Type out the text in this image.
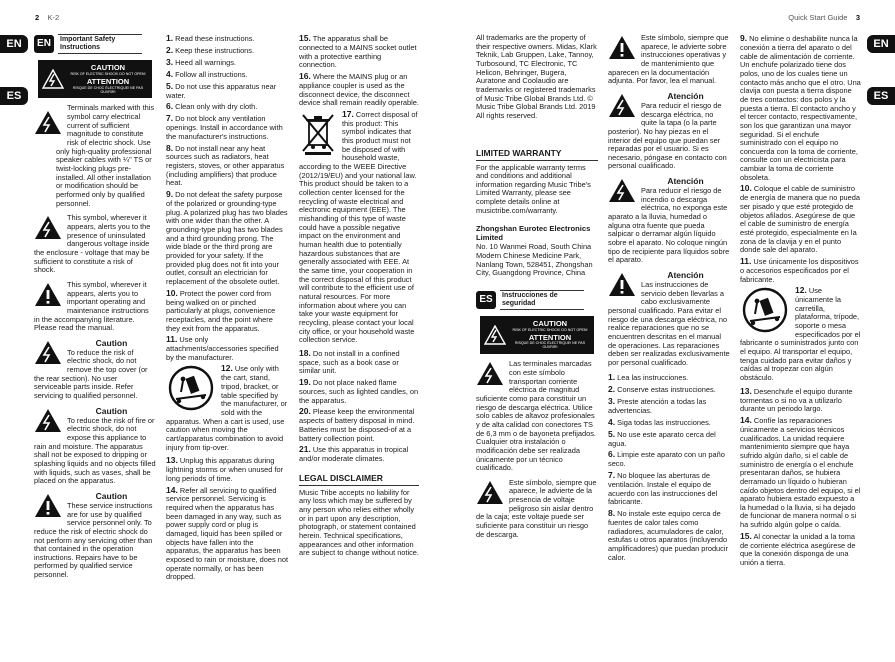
2 K-2	Quick Start Guide 3
EN
ES
EN
ES
EN	Important Safety Instructions
CAUTION
RISK OF ELECTRIC SHOCK! DO NOT OPEN!
ATTENTION
RISQUE DE CHOC ÉLECTRIQUE! NE PAS OUVRIR!

Terminals marked with this symbol carry electrical current of sufficient magnitude to constitute risk of electric shock. Use only high-quality professional speaker cables with ¼" TS or twist-locking plugs pre-installed. All other installation or modification should be performed only by qualified personnel.

This symbol, wherever it appears, alerts you to the presence of uninsulated dangerous voltage inside the enclosure - voltage that may be sufficient to constitute a risk of shock.

This symbol, wherever it appears, alerts you to important operating and maintenance instructions in the accompanying literature. Please read the manual.

Caution

To reduce the risk of electric shock, do not remove the top cover (or the rear section). No user serviceable parts inside. Refer servicing to qualified personnel.

Caution

To reduce the risk of fire or electric shock, do not expose this appliance to rain and moisture. The apparatus shall not be exposed to dripping or splashing liquids and no objects filled with liquids, such as vases, shall be placed on the apparatus.

Caution

These service instructions are for use by qualified service personnel only. To reduce the risk of electric shock do not perform any servicing other than that contained in the operation instructions. Repairs have to be performed by qualified service personnel.

1. Read these instructions.

2. Keep these instructions.

3. Heed all warnings.

4. Follow all instructions.

5. Do not use this apparatus near water.

6. Clean only with dry cloth.

7. Do not block any ventilation openings. Install in accordance with the manufacturer's instructions.

8. Do not install near any heat sources such as radiators, heat registers, stoves, or other apparatus (including amplifiers) that produce heat.

9. Do not defeat the safety purpose of the polarized or grounding-type plug. A polarized plug has two blades with one wider than the other. A grounding-type plug has two blades and a third grounding prong. The wide blade or the third prong are provided for your safety. If the provided plug does not fit into your outlet, consult an electrician for replacement of the obsolete outlet.

10. Protect the power cord from being walked on or pinched particularly at plugs, convenience receptacles, and the point where they exit from the apparatus.

11. Use only attachments/accessories specified by the manufacturer.

12. Use only with the cart, stand, tripod, bracket, or table specified by the manufacturer, or sold with the apparatus. When a cart is used, use caution when moving the cart/apparatus combination to avoid injury from tip-over.

13. Unplug this apparatus during lightning storms or when unused for long periods of time.

14. Refer all servicing to qualified service personnel. Servicing is required when the apparatus has been damaged in any way, such as power supply cord or plug is damaged, liquid has been spilled or objects have fallen into the apparatus, the apparatus has been exposed to rain or moisture, does not operate normally, or has been dropped.

15. The apparatus shall be connected to a MAINS socket outlet with a protective earthing connection.

16. Where the MAINS plug or an appliance coupler is used as the disconnect device, the disconnect device shall remain readily operable.

17. Correct disposal of this product: This symbol indicates that this product must not be disposed of with household waste, according to the WEEE Directive (2012/19/EU) and your national law. This product should be taken to a collection center licensed for the recycling of waste electrical and electronic equipment (EEE). The mishandling of this type of waste could have a possible negative impact on the environment and human health due to potentially hazardous substances that are generally associated with EEE. At the same time, your cooperation in the correct disposal of this product will contribute to the efficient use of natural resources. For more information about where you can take your waste equipment for recycling, please contact your local city office, or your household waste collection service.

18. Do not install in a confined space, such as a book case or similar unit.

19. Do not place naked flame sources, such as lighted candles, on the apparatus.

20. Please keep the environmental aspects of battery disposal in mind. Batteries must be disposed-of at a battery collection point.

21. Use this apparatus in tropical and/or moderate climates.

LEGAL DISCLAIMER

Music Tribe accepts no liability for any loss which may be suffered by any person who relies either wholly or in part upon any description, photograph, or statement contained herein. Technical specifications, appearances and other information are subject to change without notice.

All trademarks are the property of their respective owners. Midas, Klark Teknik, Lab Gruppen, Lake, Tannoy, Turbosound, TC Electronic, TC Helicon, Behringer, Bugera, Auratone and Coolaudio are trademarks or registered trademarks of Music Tribe Global Brands Ltd. © Music Tribe Global Brands Ltd. 2019 All rights reserved.

LIMITED WARRANTY

For the applicable warranty terms and conditions and additional information regarding Music Tribe's Limited Warranty, please see complete details online at musictribe.com/warranty.

Zhongshan Eurotec Electronics Limited

No. 10 Wanmei Road, South China Modern Chinese Medicine Park, Nanlang Town, 528451, Zhongshan City, Guangdong Province, China

ES	Instrucciones de seguridad
CAUTION
RISK OF ELECTRIC SHOCK! DO NOT OPEN!
ATTENTION
RISQUE DE CHOC ÉLECTRIQUE! NE PAS OUVRIR!

Las terminales marcadas con este símbolo transportan corriente eléctrica de magnitud suficiente como para constituir un riesgo de descarga eléctrica. Utilice solo cables de altavoz profesionales y de alta calidad con conectores TS de 6,3 mm o de bayoneta prefijados. Cualquier otra instalación o modificación debe ser realizada únicamente por un técnico cualificado.

Este símbolo, siempre que aparece, le advierte de la presencia de voltaje peligroso sin aislar dentro de la caja; este voltaje puede ser suficiente para constituir un riesgo de descarga.

Este símbolo, siempre que aparece, le advierte sobre instrucciones operativas y de mantenimiento que aparecen en la documentación adjunta. Por favor, lea el manual.

Atención

Para reducir el riesgo de descarga eléctrica, no quite la tapa (o la parte posterior). No hay piezas en el interior del equipo que puedan ser reparadas por el usuario. Si es necesario, póngase en contacto con personal cualificado.

Atención

Para reducir el riesgo de incendio o descarga eléctrica, no exponga este aparato a la lluvia, humedad o alguna otra fuente que pueda salpicar o derramar algún líquido sobre el aparato. No coloque ningún tipo de recipiente para líquidos sobre el aparato.

Atención

Las instrucciones de servicio deben llevarlas a cabo exclusivamente personal cualificado. Para evitar el riesgo de una descarga eléctrica, no realice reparaciones que no se encuentren descritas en el manual de operaciones. Las reparaciones deben ser realizadas exclusivamente por personal cualificado.

1. Lea las instrucciones.

2. Conserve estas instrucciones.

3. Preste atención a todas las advertencias.

4. Siga todas las instrucciones.

5. No use este aparato cerca del agua.

6. Limpie este aparato con un paño seco.

7. No bloquee las aberturas de ventilación. Instale el equipo de acuerdo con las instrucciones del fabricante.

8. No instale este equipo cerca de fuentes de calor tales como radiadores, acumuladores de calor, estufas u otros aparatos (incluyendo amplificadores) que puedan producir calor.

9. No elimine o deshabilite nunca la conexión a tierra del aparato o del cable de alimentación de corriente. Un enchufe polarizado tiene dos polos, uno de los cuales tiene un contacto más ancho que el otro. Una clavija con puesta a tierra dispone de tres contactos: dos polos y la puesta a tierra. El contacto ancho y el tercer contacto, respectivamente, son los que garantizan una mayor seguridad. Si el enchufe suministrado con el equipo no concuerda con la toma de corriente, consulte con un electricista para cambiar la toma de corriente obsoleta.

10. Coloque el cable de suministro de energía de manera que no pueda ser pisado y que esté protegido de objetos afilados. Asegúrese de que el cable de suministro de energía esté protegido, especialmente en la zona de la clavija y en el punto donde sale del aparato.

11. Use únicamente los dispositivos o accesorios especificados por el fabricante.

12. Use únicamente la carretilla, plataforma, trípode, soporte o mesa especificados por el fabricante o suministrados junto con el equipo. Al transportar el equipo, tenga cuidado para evitar daños y caídas al tropezar con algún obstáculo.

13. Desenchufe el equipo durante tormentas o si no va a utilizarlo durante un periodo largo.

14. Confíe las reparaciones únicamente a servicios técnicos cualificados. La unidad requiere mantenimiento siempre que haya sufrido algún daño, si el cable de suministro de energía o el enchufe presentaran daños, se hubiera derramado un líquido o hubieran caído objetos dentro del equipo, si el aparato hubiera estado expuesto a la humedad o la lluvia, si ha dejado de funcionar de manera normal o si ha sufrido algún golpe o caída.

15. Al conectar la unidad a la toma de corriente eléctrica asegúrese de que la conexión disponga de una unión a tierra.
